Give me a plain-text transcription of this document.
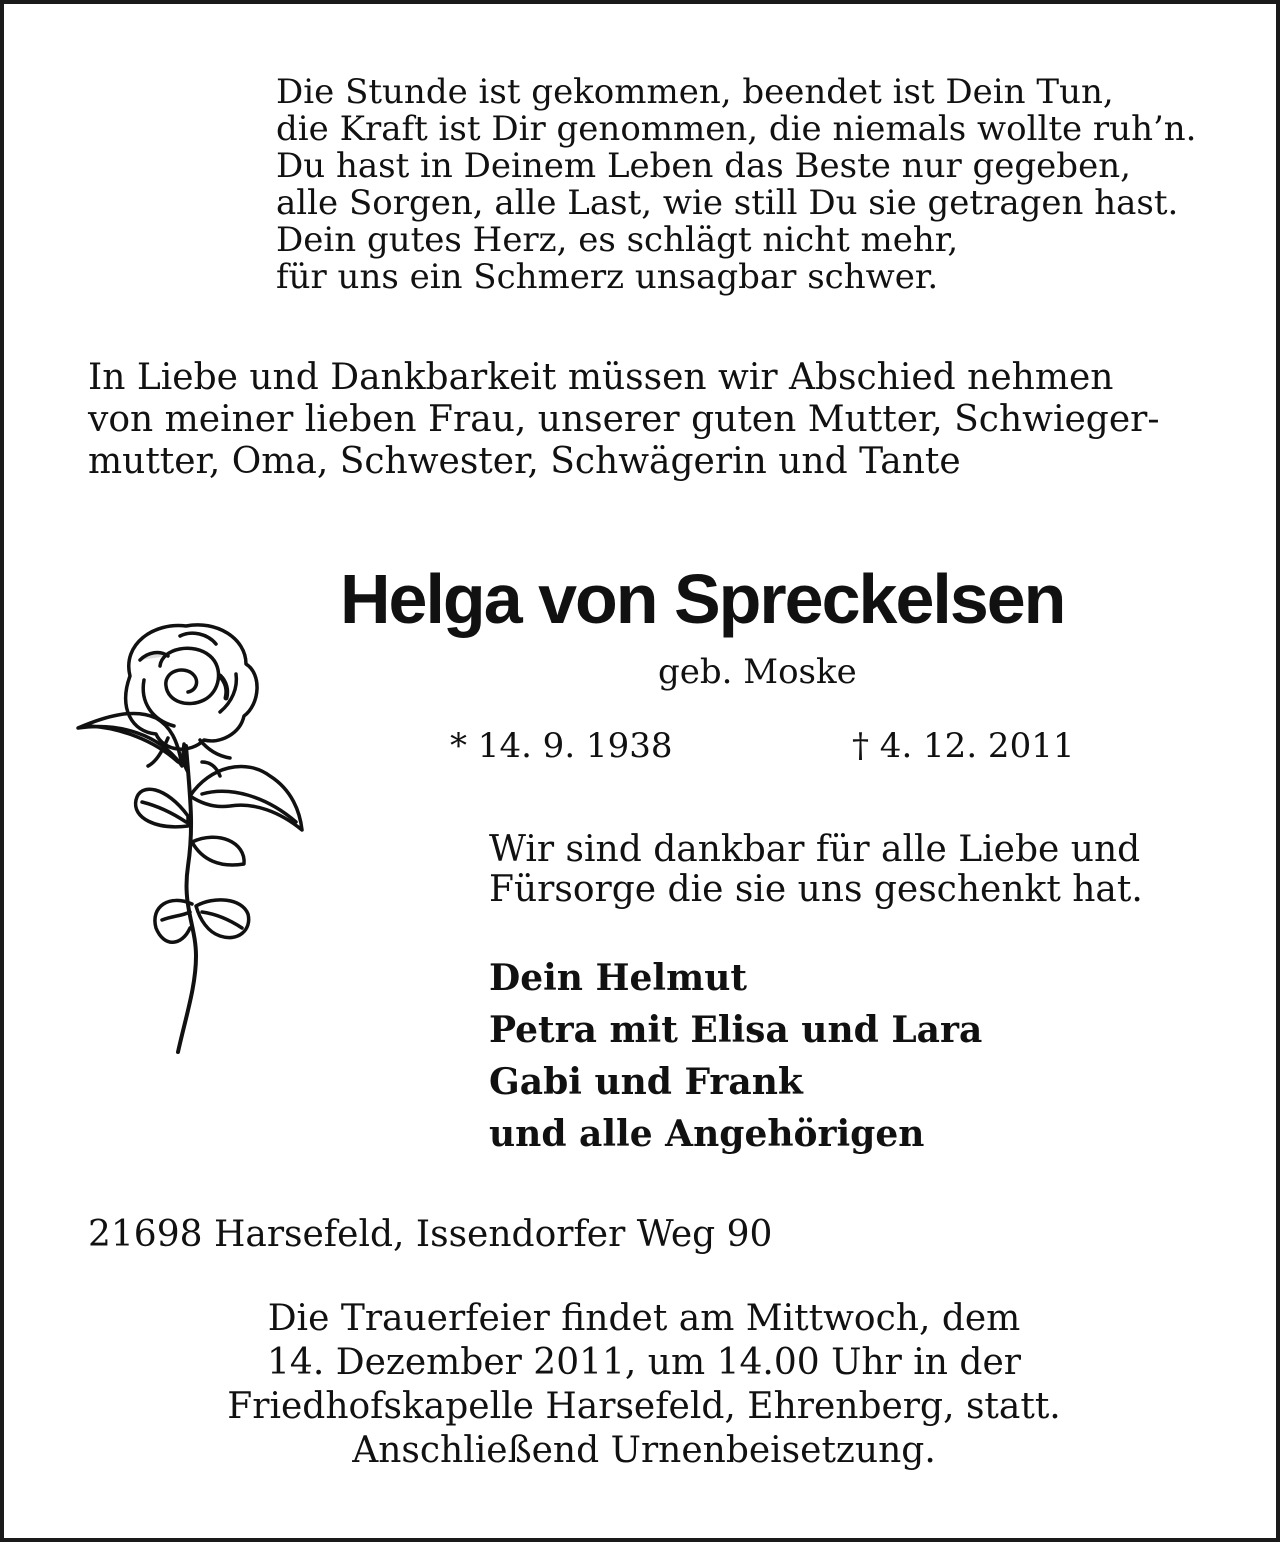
Die Stunde ist gekommen, beendet ist Dein Tun,
die Kraft ist Dir genommen, die niemals wollte ruh’n.
Du hast in Deinem Leben das Beste nur gegeben,
alle Sorgen, alle Last, wie still Du sie getragen hast.
Dein gutes Herz, es schlägt nicht mehr,
für uns ein Schmerz unsagbar schwer.
In Liebe und Dankbarkeit müssen wir Abschied nehmen
von meiner lieben Frau, unserer guten Mutter, Schwieger-
mutter, Oma, Schwester, Schwägerin und Tante
Helga von Spreckelsen
geb. Moske
* 14. 9. 1938	† 4. 12. 2011
Wir sind dankbar für alle Liebe und
Fürsorge die sie uns geschenkt hat.
Dein Helmut
Petra mit Elisa und Lara
Gabi und Frank
und alle Angehörigen
21698 Harsefeld, Issendorfer Weg 90
Die Trauerfeier findet am Mittwoch, dem
14. Dezember 2011, um 14.00 Uhr in der
Friedhofskapelle Harsefeld, Ehrenberg, statt.
Anschließend Urnenbeisetzung.
